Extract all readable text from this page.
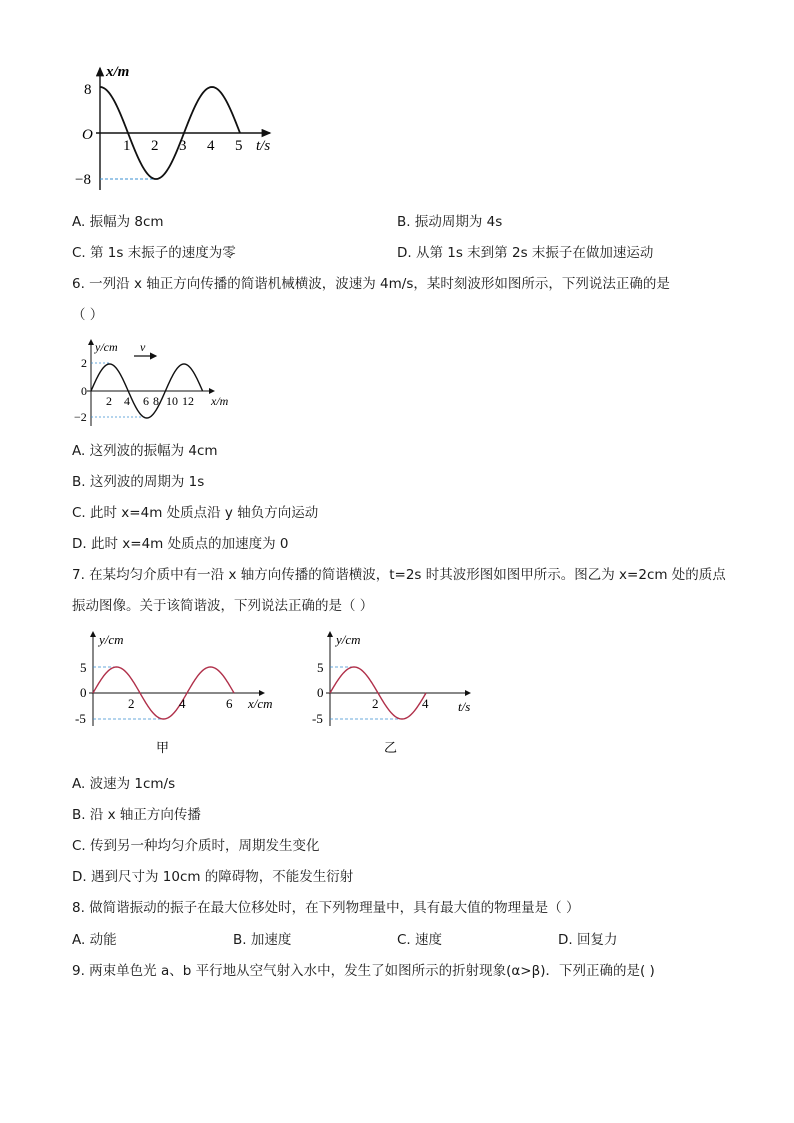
x/m
8
−8
O
1 2 3 4 5 t/s
A. 振幅为 8cm	B. 振动周期为 4s
C. 第 1s 末振子的速度为零	D. 从第 1s 末到第 2s 末振子在做加速运动
6. 一列沿 x 轴正方向传播的简谐机械横波，波速为 4m/s，某时刻波形如图所示，下列说法正确的是
（ ）
v
y/cm
2
0
−2
2 4 6 8 10 12 x/m
A. 这列波的振幅为 4cm
B. 这列波的周期为 1s
C. 此时 x=4m 处质点沿 y 轴负方向运动
D. 此时 x=4m 处质点的加速度为 0
7. 在某均匀介质中有一沿 x 轴方向传播的简谐横波，t=2s 时其波形图如图甲所示。图乙为 x=2cm 处的质点
振动图像。关于该简谐波，下列说法正确的是（ ）
y/cm
5
0
-5
2	4	6 x/cm
甲
y/cm
5
0
-5
2	4 t/s
乙
A. 波速为 1cm/s
B. 沿 x 轴正方向传播
C. 传到另一种均匀介质时，周期发生变化
D. 遇到尺寸为 10cm 的障碍物，不能发生衍射
8. 做简谐振动的振子在最大位移处时，在下列物理量中，具有最大值的物理量是（ ）
A. 动能	B. 加速度	C. 速度	D. 回复力
9. 两束单色光 a、b 平行地从空气射入水中，发生了如图所示的折射现象(α>β)．下列正确的是( )
